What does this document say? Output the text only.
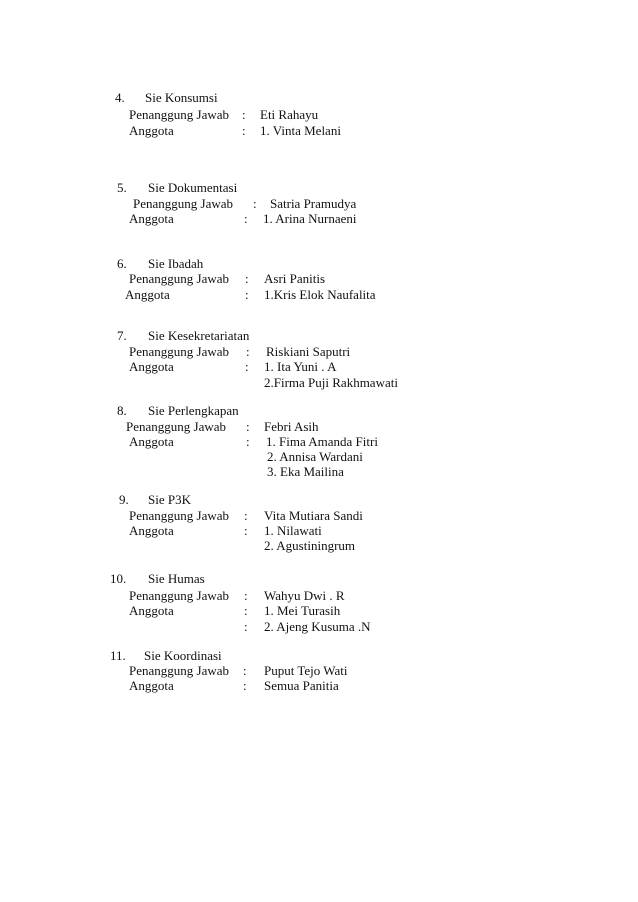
4. Sie Konsumsi
Penanggung Jawab : Eti Rahayu
Anggota	: 1. Vinta Melani
5. Sie Dokumentasi
Penanggung Jawab : Satria Pramudya
Anggota	: 1. Arina Nurnaeni
6. Sie Ibadah
Penanggung Jawab : Asri Panitis
Anggota	: 1.Kris Elok Naufalita
7. Sie Kesekretariatan
Penanggung Jawab : Riskiani Saputri
Anggota	: 1. Ita Yuni . A
2.Firma Puji Rakhmawati
8. Sie Perlengkapan
Penanggung Jawab : Febri Asih
Anggota	: 1. Fima Amanda Fitri
2. Annisa Wardani
3. Eka Mailina
9. Sie P3K
Penanggung Jawab : Vita Mutiara Sandi
Anggota	: 1. Nilawati
2. Agustiningrum
10. Sie Humas
Penanggung Jawab : Wahyu Dwi . R
Anggota	: 1. Mei Turasih
: 2. Ajeng Kusuma .N
11. Sie Koordinasi
Penanggung Jawab : Puput Tejo Wati
Anggota	: Semua Panitia
